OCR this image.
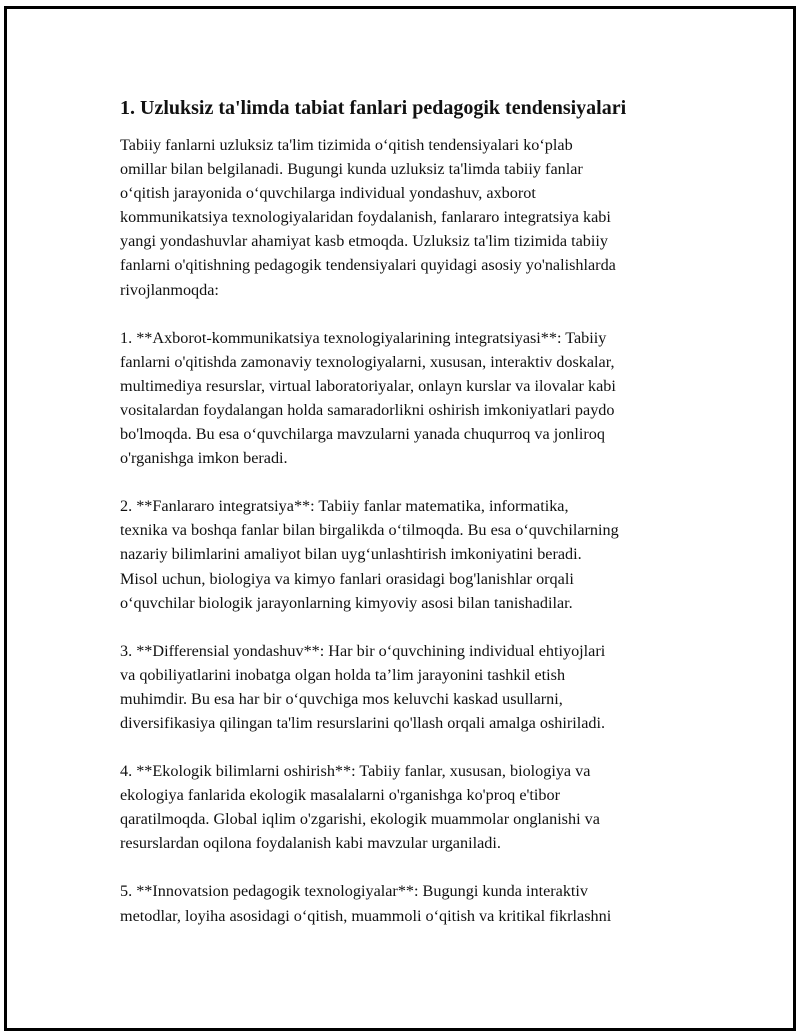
1. Uzluksiz ta'limda tabiat fanlari pedagogik tendensiyalari

Tabiiy fanlarni uzluksiz ta'lim tizimida oʻqitish tendensiyalari koʻplab
omillar bilan belgilanadi. Bugungi kunda uzluksiz ta'limda tabiiy fanlar
oʻqitish jarayonida oʻquvchilarga individual yondashuv, axborot
kommunikatsiya texnologiyalaridan foydalanish, fanlararo integratsiya kabi
yangi yondashuvlar ahamiyat kasb etmoqda. Uzluksiz ta'lim tizimida tabiiy
fanlarni o'qitishning pedagogik tendensiyalari quyidagi asosiy yo'nalishlarda
rivojlanmoqda:

1. **Axborot-kommunikatsiya texnologiyalarining integratsiyasi**: Tabiiy
fanlarni o'qitishda zamonaviy texnologiyalarni, xususan, interaktiv doskalar,
multimediya resurslar, virtual laboratoriyalar, onlayn kurslar va ilovalar kabi
vositalardan foydalangan holda samaradorlikni oshirish imkoniyatlari paydo
bo'lmoqda. Bu esa oʻquvchilarga mavzularni yanada chuqurroq va jonliroq
o'rganishga imkon beradi.

2. **Fanlararo integratsiya**: Tabiiy fanlar matematika, informatika,
texnika va boshqa fanlar bilan birgalikda oʻtilmoqda. Bu esa oʻquvchilarning
nazariy bilimlarini amaliyot bilan uygʻunlashtirish imkoniyatini beradi.
Misol uchun, biologiya va kimyo fanlari orasidagi bog'lanishlar orqali
oʻquvchilar biologik jarayonlarning kimyoviy asosi bilan tanishadilar.

3. **Differensial yondashuv**: Har bir oʻquvchining individual ehtiyojlari
va qobiliyatlarini inobatga olgan holda taʼlim jarayonini tashkil etish
muhimdir. Bu esa har bir oʻquvchiga mos keluvchi kaskad usullarni,
diversifikasiya qilingan ta'lim resurslarini qo'llash orqali amalga oshiriladi.

4. **Ekologik bilimlarni oshirish**: Tabiiy fanlar, xususan, biologiya va
ekologiya fanlarida ekologik masalalarni o'rganishga ko'proq e'tibor
qaratilmoqda. Global iqlim o'zgarishi, ekologik muammolar onglanishi va
resurslardan oqilona foydalanish kabi mavzular urganiladi.

5. **Innovatsion pedagogik texnologiyalar**: Bugungi kunda interaktiv
metodlar, loyiha asosidagi oʻqitish, muammoli oʻqitish va kritikal fikrlashni
